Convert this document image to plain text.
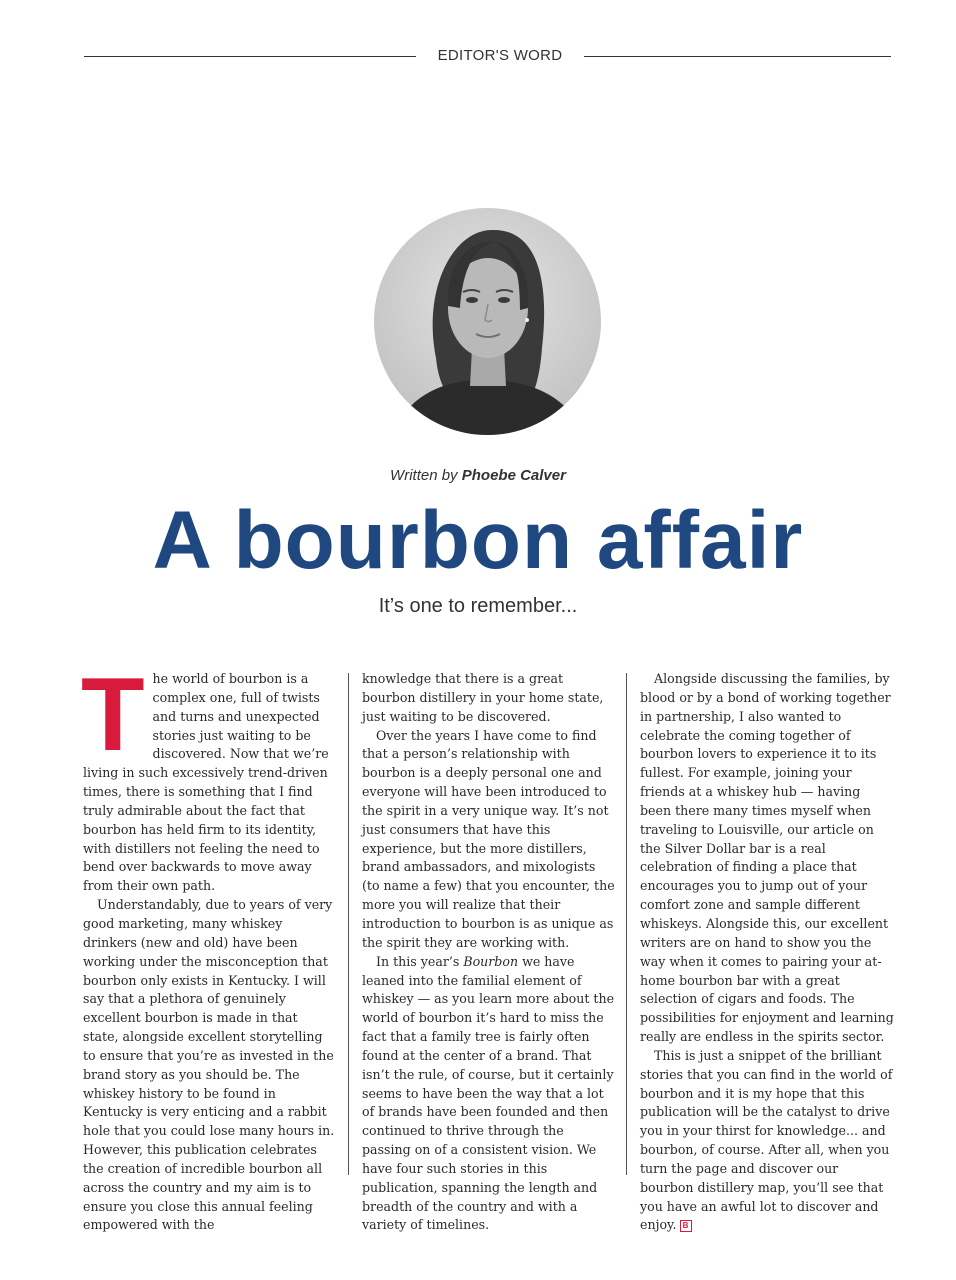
EDITOR'S WORD
Written by Phoebe Calver
A bourbon affair
It’s one to remember...

The world of bourbon is a complex one, full of twists and turns and unexpected stories just waiting to be discovered. Now that we’re living in such excessively trend-driven times, there is something that I find truly admirable about the fact that bourbon has held firm to its identity, with distillers not feeling the need to bend over backwards to move away from their own path.

Understandably, due to years of very good marketing, many whiskey drinkers (new and old) have been working under the misconception that bourbon only exists in Kentucky. I will say that a plethora of genuinely excellent bourbon is made in that state, alongside excellent storytelling to ensure that you’re as invested in the brand story as you should be. The whiskey history to be found in Kentucky is very enticing and a rabbit hole that you could lose many hours in. However, this publication celebrates the creation of incredible bourbon all across the country and my aim is to ensure you close this annual feeling empowered with the

knowledge that there is a great bourbon distillery in your home state, just waiting to be discovered.

Over the years I have come to find that a person’s relationship with bourbon is a deeply personal one and everyone will have been introduced to the spirit in a very unique way. It’s not just consumers that have this experience, but the more distillers, brand ambassadors, and mixologists (to name a few) that you encounter, the more you will realize that their introduction to bourbon is as unique as the spirit they are working with.

In this year’s Bourbon we have leaned into the familial element of whiskey — as you learn more about the world of bourbon it’s hard to miss the fact that a family tree is fairly often found at the center of a brand. That isn’t the rule, of course, but it certainly seems to have been the way that a lot of brands have been founded and then continued to thrive through the passing on of a consistent vision. We have four such stories in this publication, spanning the length and breadth of the country and with a variety of timelines.

Alongside discussing the families, by blood or by a bond of working together in partnership, I also wanted to celebrate the coming together of bourbon lovers to experience it to its fullest. For example, joining your friends at a whiskey hub — having been there many times myself when traveling to Louisville, our article on the Silver Dollar bar is a real celebration of finding a place that encourages you to jump out of your comfort zone and sample different whiskeys. Alongside this, our excellent writers are on hand to show you the way when it comes to pairing your at-home bourbon bar with a great selection of cigars and foods. The possibilities for enjoyment and learning really are endless in the spirits sector.

This is just a snippet of the brilliant stories that you can find in the world of bourbon and it is my hope that this publication will be the catalyst to drive you in your thirst for knowledge... and bourbon, of course. After all, when you turn the page and discover our bourbon distillery map, you’ll see that you have an awful lot to discover and enjoy. B
